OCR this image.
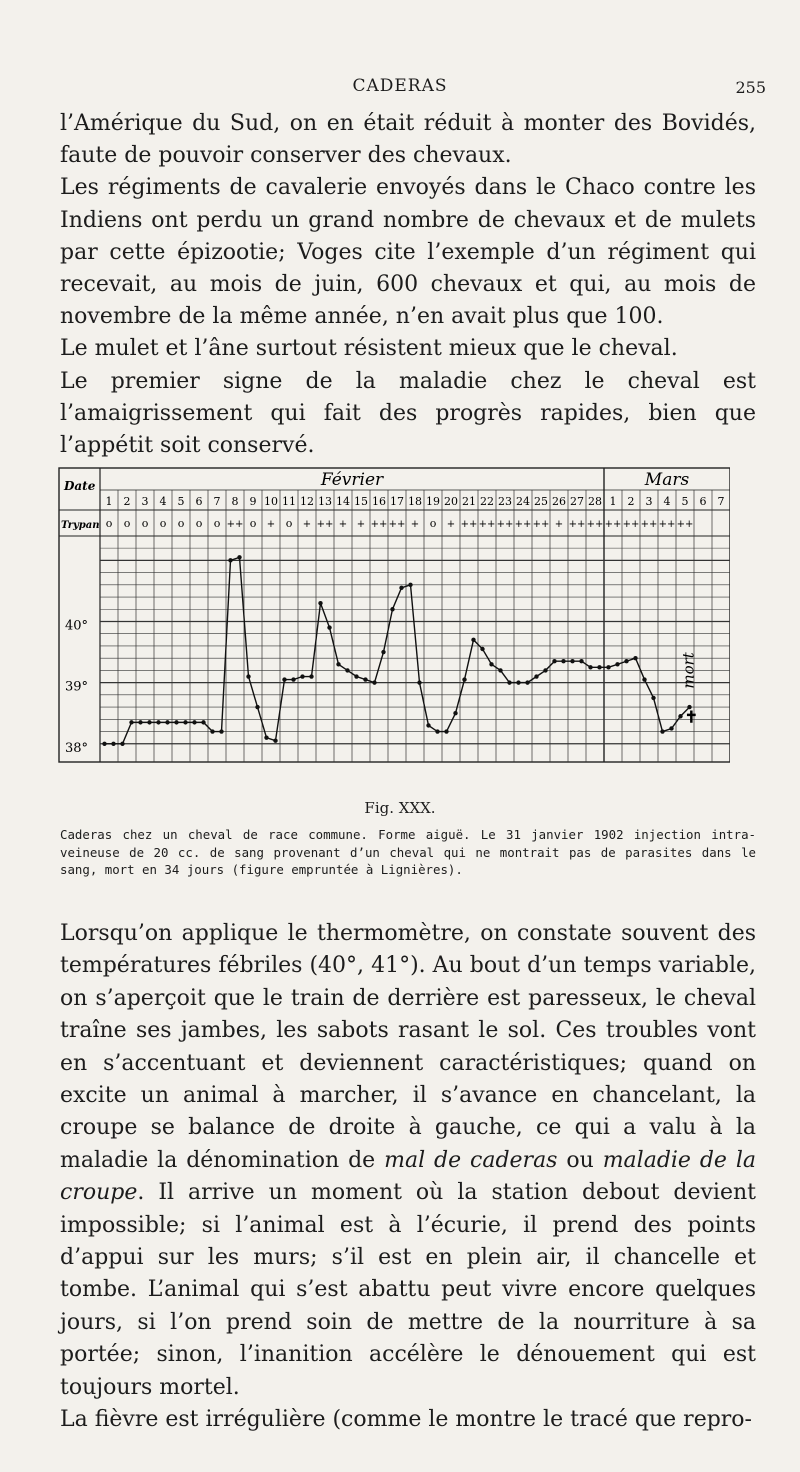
CADERAS	255

l’Amérique du Sud, on en était réduit à monter des Bovidés, faute de pouvoir conserver des chevaux.

Les régiments de cavalerie envoyés dans le Chaco contre les Indiens ont perdu un grand nombre de chevaux et de mulets par cette épizootie; Voges cite l’exemple d’un régiment qui recevait, au mois de juin, 600 chevaux et qui, au mois de novembre de la même année, n’en avait plus que 100.

Le mulet et l’âne surtout résistent mieux que le cheval.

Le premier signe de la maladie chez le cheval est l’amaigrissement qui fait des progrès rapides, bien que l’appétit soit conservé.

Février	Mars
Date
Trypan
1
o
2
o
3
o
4
o
5
o
6
o
7
o
8
++
9
o
10
+
11
o
12
+
13
++
14
+
15
+
16
++
17
++
18
+
19
o
20
+
21
++
22
++
23
++
24
++
25
++
26
+
27
++
28
++
1
++
2
++
3
++
4
++
5
++
6 7
40°
39°
38°
mort
✝
Fig. XXX.
Caderas chez un cheval de race commune. Forme aiguë. Le 31 janvier 1902 injection intra-veineuse de 20 cc. de sang provenant d’un cheval qui ne montrait pas de parasites dans le sang, mort en 34 jours (figure empruntée à Lignières).

Lorsqu’on applique le thermomètre, on constate souvent des températures fébriles (40°, 41°). Au bout d’un temps variable, on s’aperçoit que le train de derrière est paresseux, le cheval traîne ses jambes, les sabots rasant le sol. Ces troubles vont en s’accentuant et deviennent caractéristiques; quand on excite un animal à marcher, il s’avance en chancelant, la croupe se balance de droite à gauche, ce qui a valu à la maladie la dénomination de mal de caderas ou maladie de la croupe. Il arrive un moment où la station debout devient impossible; si l’animal est à l’écurie, il prend des points d’appui sur les murs; s’il est en plein air, il chancelle et tombe. L’animal qui s’est abattu peut vivre encore quelques jours, si l’on prend soin de mettre de la nourriture à sa portée; sinon, l’inanition accélère le dénouement qui est toujours mortel.

La fièvre est irrégulière (comme le montre le tracé que repro-
